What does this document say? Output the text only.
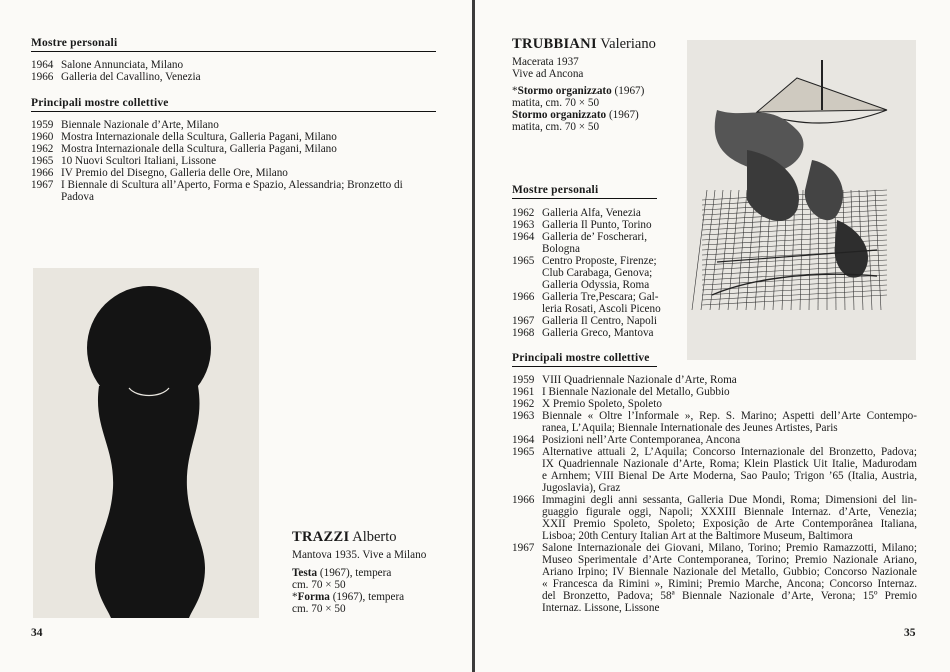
Mostre personali
1964 Salone Annunciata, Milano
1966 Galleria del Cavallino, Venezia
Principali mostre collettive
1959 Biennale Nazionale d’Arte, Milano
1960 Mostra Internazionale della Scultura, Galleria Pagani, Milano
1962 Mostra Internazionale della Scultura, Galleria Pagani, Milano
1965 10 Nuovi Scultori Italiani, Lissone
1966 IV Premio del Disegno, Galleria delle Ore, Milano
1967 I Biennale di Scultura all’Aperto, Forma e Spazio, Alessandria; Bronzetto di
Padova
TRAZZI Alberto
Mantova 1935. Vive a Milano
Testa (1967), tempera
cm. 70 × 50
*Forma (1967), tempera
cm. 70 × 50
34
TRUBBIANI Valeriano
Macerata 1937
Vive ad Ancona
*Stormo organizzato (1967)
matita, cm. 70 × 50
Stormo organizzato (1967)
matita, cm. 70 × 50
Mostre personali
1962 Galleria Alfa, Venezia
1963 Galleria Il Punto, Torino
1964 Galleria de’ Foscherari,
Bologna
1965 Centro Proposte, Firenze;
Club Carabaga, Genova;
Galleria Odyssia, Roma
1966 Galleria Tre,Pescara; Gal-
leria Rosati, Ascoli Piceno
1967 Galleria Il Centro, Napoli
1968 Galleria Greco, Mantova
Principali mostre collettive
1959 VIII Quadriennale Nazionale d’Arte, Roma
1961 I Biennale Nazionale del Metallo, Gubbio
1962 X Premio Spoleto, Spoleto
1963 Biennale « Oltre l’Informale », Rep. S. Marino; Aspetti dell’Arte Contempo-
ranea, L’Aquila; Biennale Internationale des Jeunes Artistes, Paris
1964 Posizioni nell’Arte Contemporanea, Ancona
1965 Alternative attuali 2, L’Aquila; Concorso Internazionale del Bronzetto, Padova;
IX Quadriennale Nazionale d’Arte, Roma; Klein Plastick Uit Italie, Madurodam
e Arnhem; VIII Bienal De Arte Moderna, Sao Paulo; Trigon ’65 (Italia, Austria,
Jugoslavia), Graz
1966 Immagini degli anni sessanta, Galleria Due Mondi, Roma; Dimensioni del lin-
guaggio figurale oggi, Napoli; XXXIII Biennale Internaz. d’Arte, Venezia;
XXII Premio Spoleto, Spoleto; Exposição de Arte Contemporânea Italiana,
Lisboa; 20th Century Italian Art at the Baltimore Museum, Baltimora
1967 Salone Internazionale dei Giovani, Milano, Torino; Premio Ramazzotti, Milano;
Museo Sperimentale d’Arte Contemporanea, Torino; Premio Nazionale Ariano,
Ariano Irpino; IV Biennale Nazionale del Metallo, Gubbio; Concorso Nazionale
« Francesca da Rimini », Rimini; Premio Marche, Ancona; Concorso Internaz.
del Bronzetto, Padova; 58ª Biennale Nazionale d’Arte, Verona; 15º Premio
Internaz. Lissone, Lissone
35
